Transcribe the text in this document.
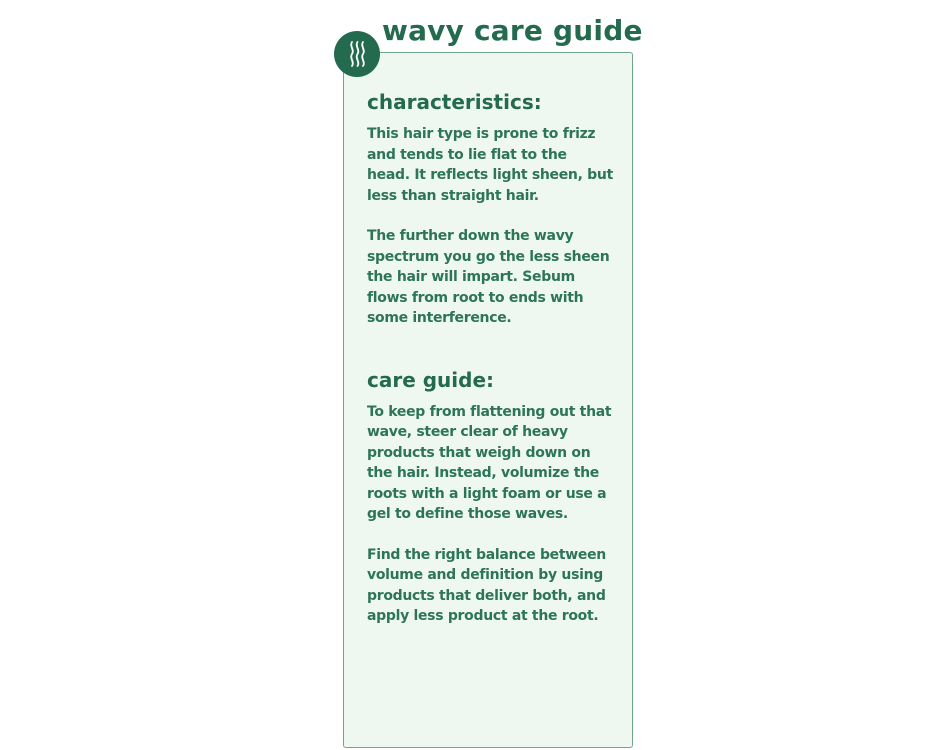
wavy care guide
characteristics:

This hair type is prone to frizz and tends to lie flat to the head. It reflects light sheen, but less than straight hair.

The further down the wavy spectrum you go the less sheen the hair will impart. Sebum flows from root to ends with some interference.

care guide:

To keep from flattening out that wave, steer clear of heavy products that weigh down on the hair. Instead, volumize the roots with a light foam or use a gel to define those waves.

Find the right balance between volume and definition by using products that deliver both, and apply less product at the root.
